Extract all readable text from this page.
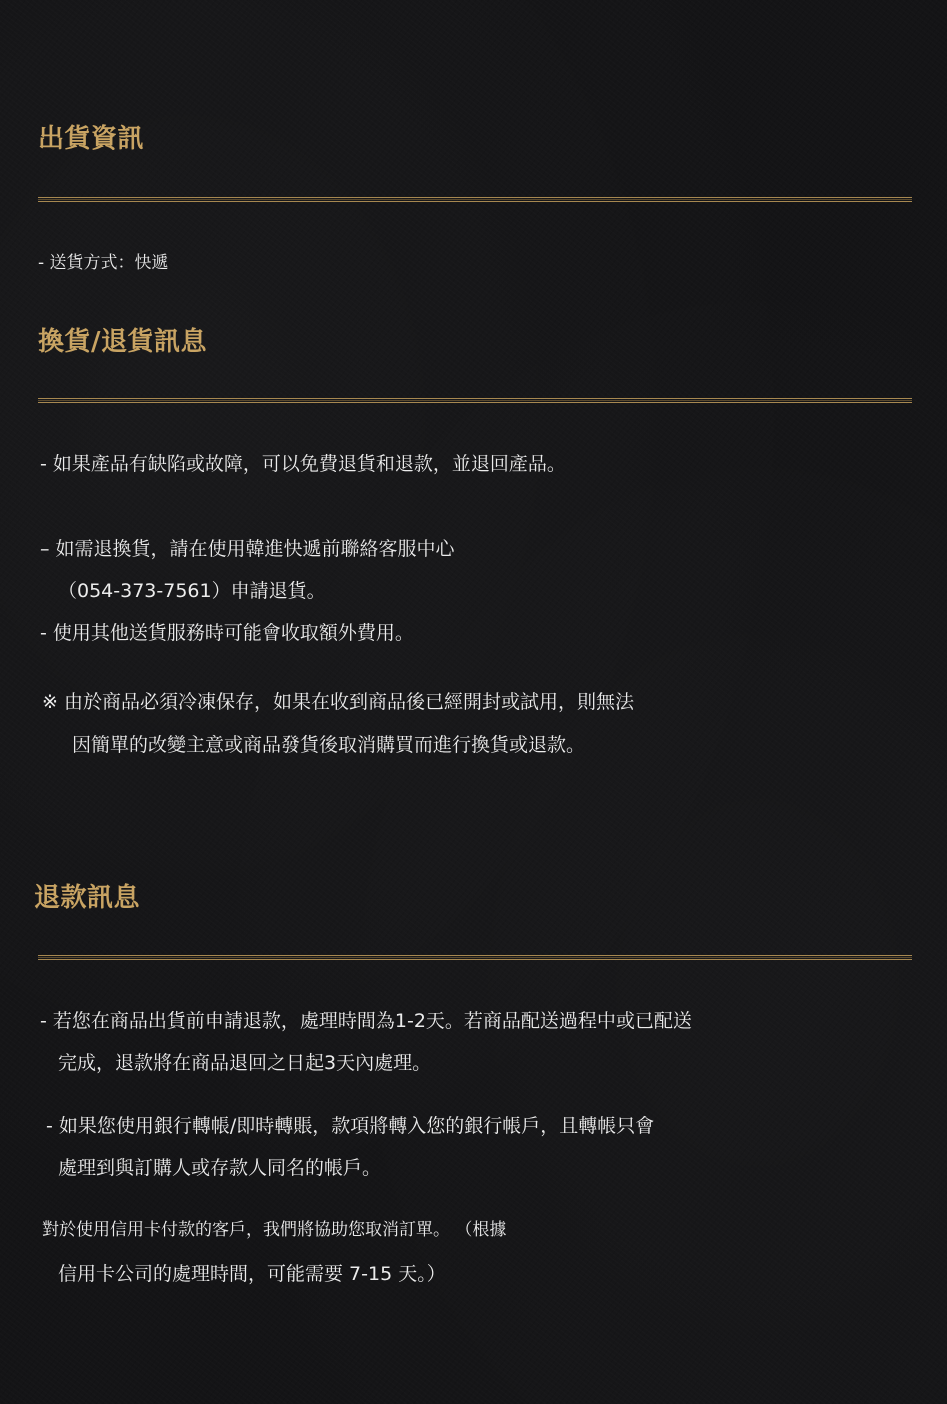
出貨資訊
- 送貨方式：快遞
換貨/退貨訊息
- 如果產品有缺陷或故障，可以免費退貨和退款，並退回產品。
– 如需退換貨，請在使用韓進快遞前聯絡客服中心
（054-373-7561）申請退貨。
- 使用其他送貨服務時可能會收取額外費用。
※ 由於商品必須冷凍保存，如果在收到商品後已經開封或試用，則無法
因簡單的改變主意或商品發貨後取消購買而進行換貨或退款。
退款訊息
- 若您在商品出貨前申請退款，處理時間為1-2天。若商品配送過程中或已配送
完成，退款將在商品退回之日起3天內處理。
- 如果您使用銀行轉帳/即時轉賬，款項將轉入您的銀行帳戶，且轉帳只會
處理到與訂購人或存款人同名的帳戶。
對於使用信用卡付款的客戶，我們將協助您取消訂單。 （根據
信用卡公司的處理時間，可能需要 7-15 天。）
